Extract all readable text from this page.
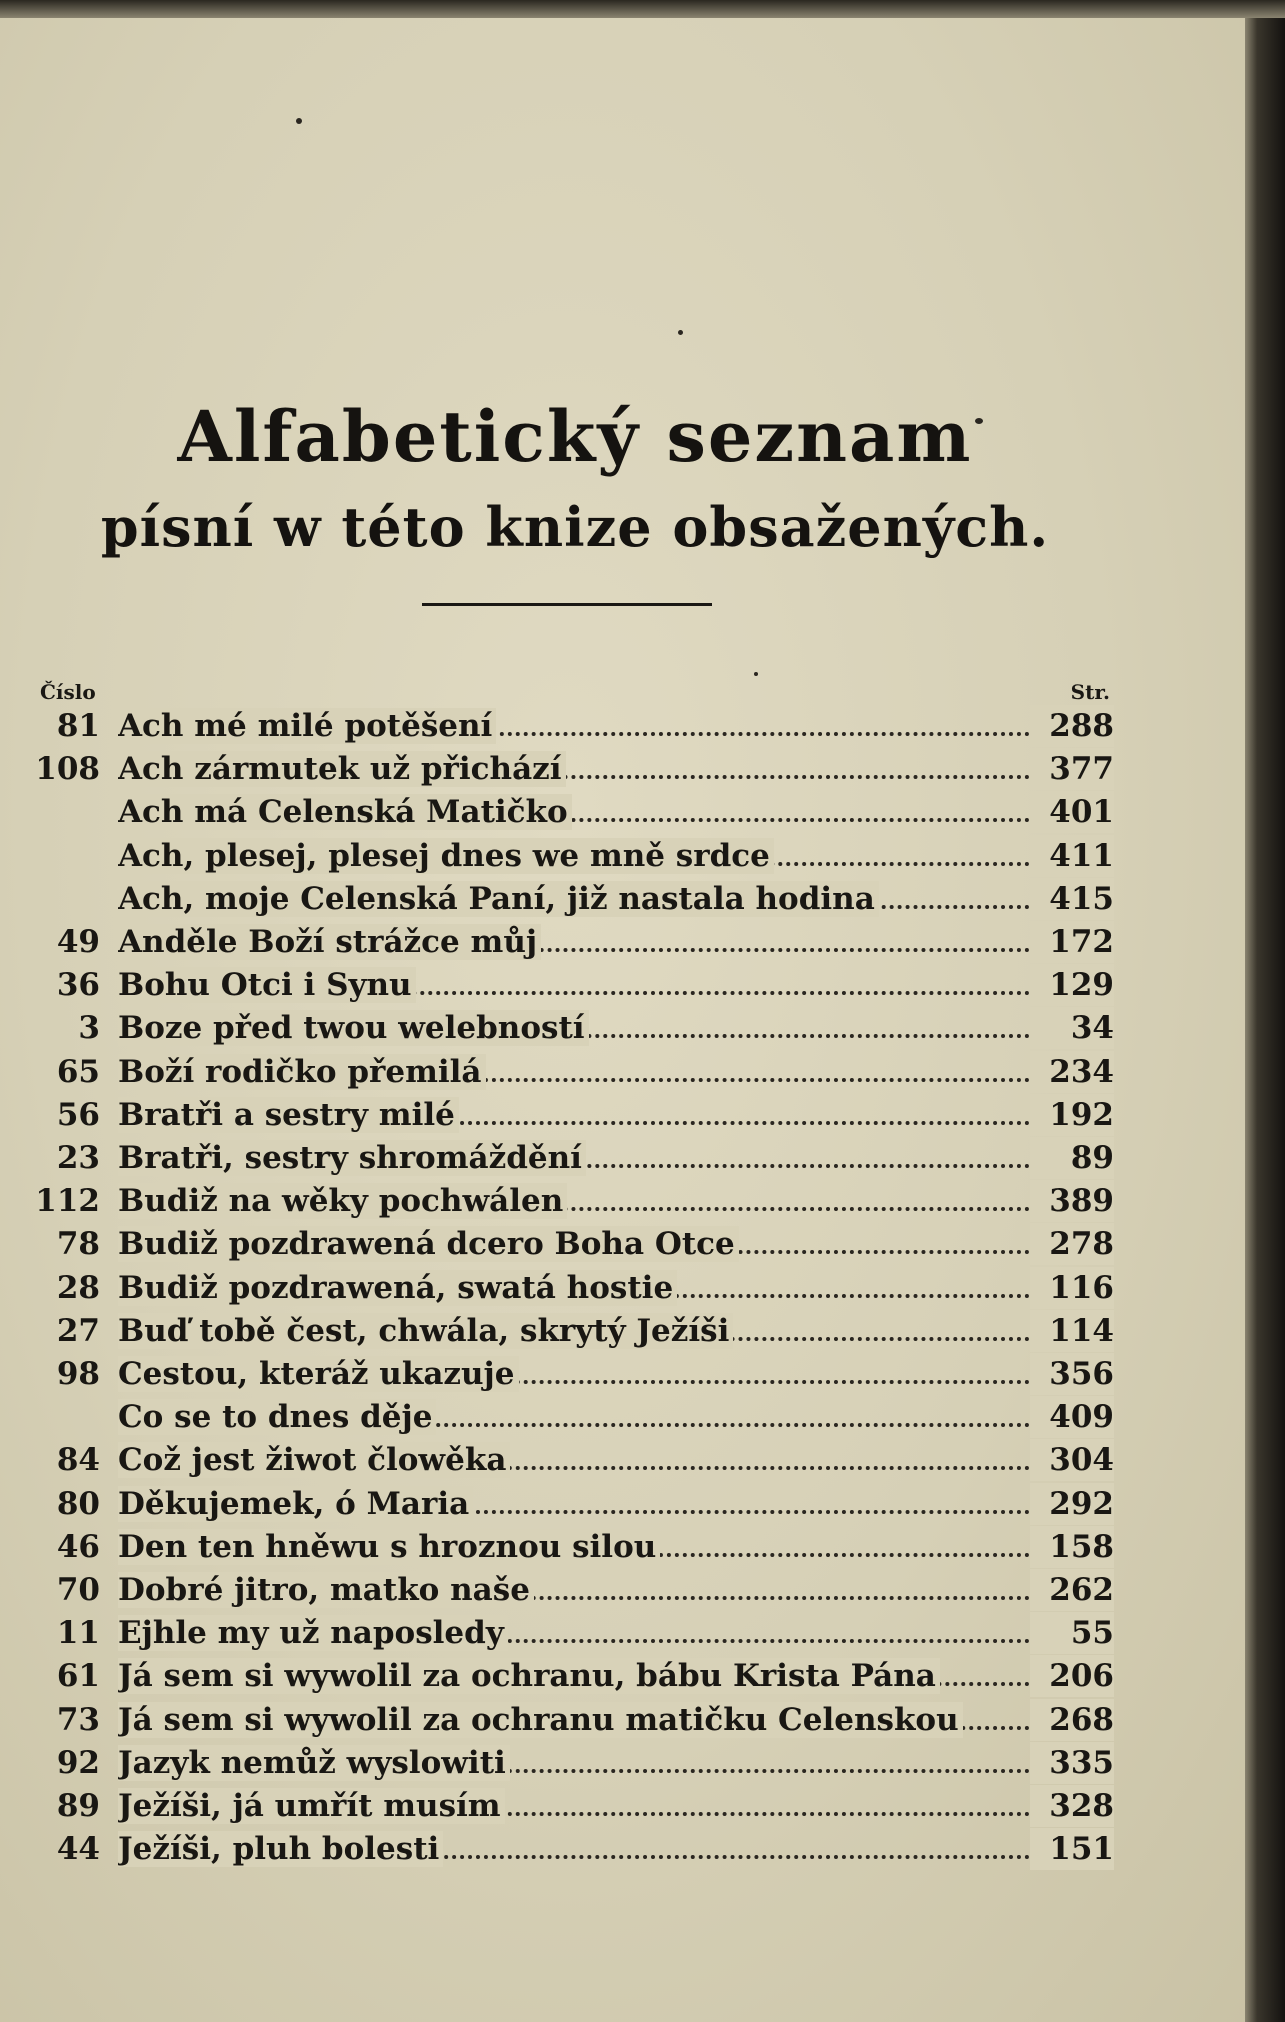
Alfabetický seznam
písní w této knize obsažených.
Číslo	Str.
81 Ach mé milé potěšení	288
108 Ach zármutek už přichází	377
Ach má Celenská Matičko	401
Ach, plesej, plesej dnes we mně srdce	411
Ach, moje Celenská Paní, již nastala hodina	415
49 Anděle Boží strážce můj	172
36 Bohu Otci i Synu	129
3 Boze před twou welebností	34
65 Boží rodičko přemilá	234
56 Bratři a sestry milé	192
23 Bratři, sestry shromáždění	89
112 Budiž na wěky pochwálen	389
78 Budiž pozdrawená dcero Boha Otce	278
28 Budiž pozdrawená, swatá hostie	116
27 Buď tobě čest, chwála, skrytý Ježíši	114
98 Cestou, kteráž ukazuje	356
Co se to dnes děje	409
84 Což jest žiwot člowěka	304
80 Děkujemek, ó Maria	292
46 Den ten hněwu s hroznou silou	158
70 Dobré jitro, matko naše	262
11 Ejhle my už naposledy	55
61 Já sem si wywolil za ochranu, bábu Krista Pána	206
73 Já sem si wywolil za ochranu matičku Celenskou	268
92 Jazyk nemůž wyslowiti	335
89 Ježíši, já umřít musím	328
44 Ježíši, pluh bolesti	151
